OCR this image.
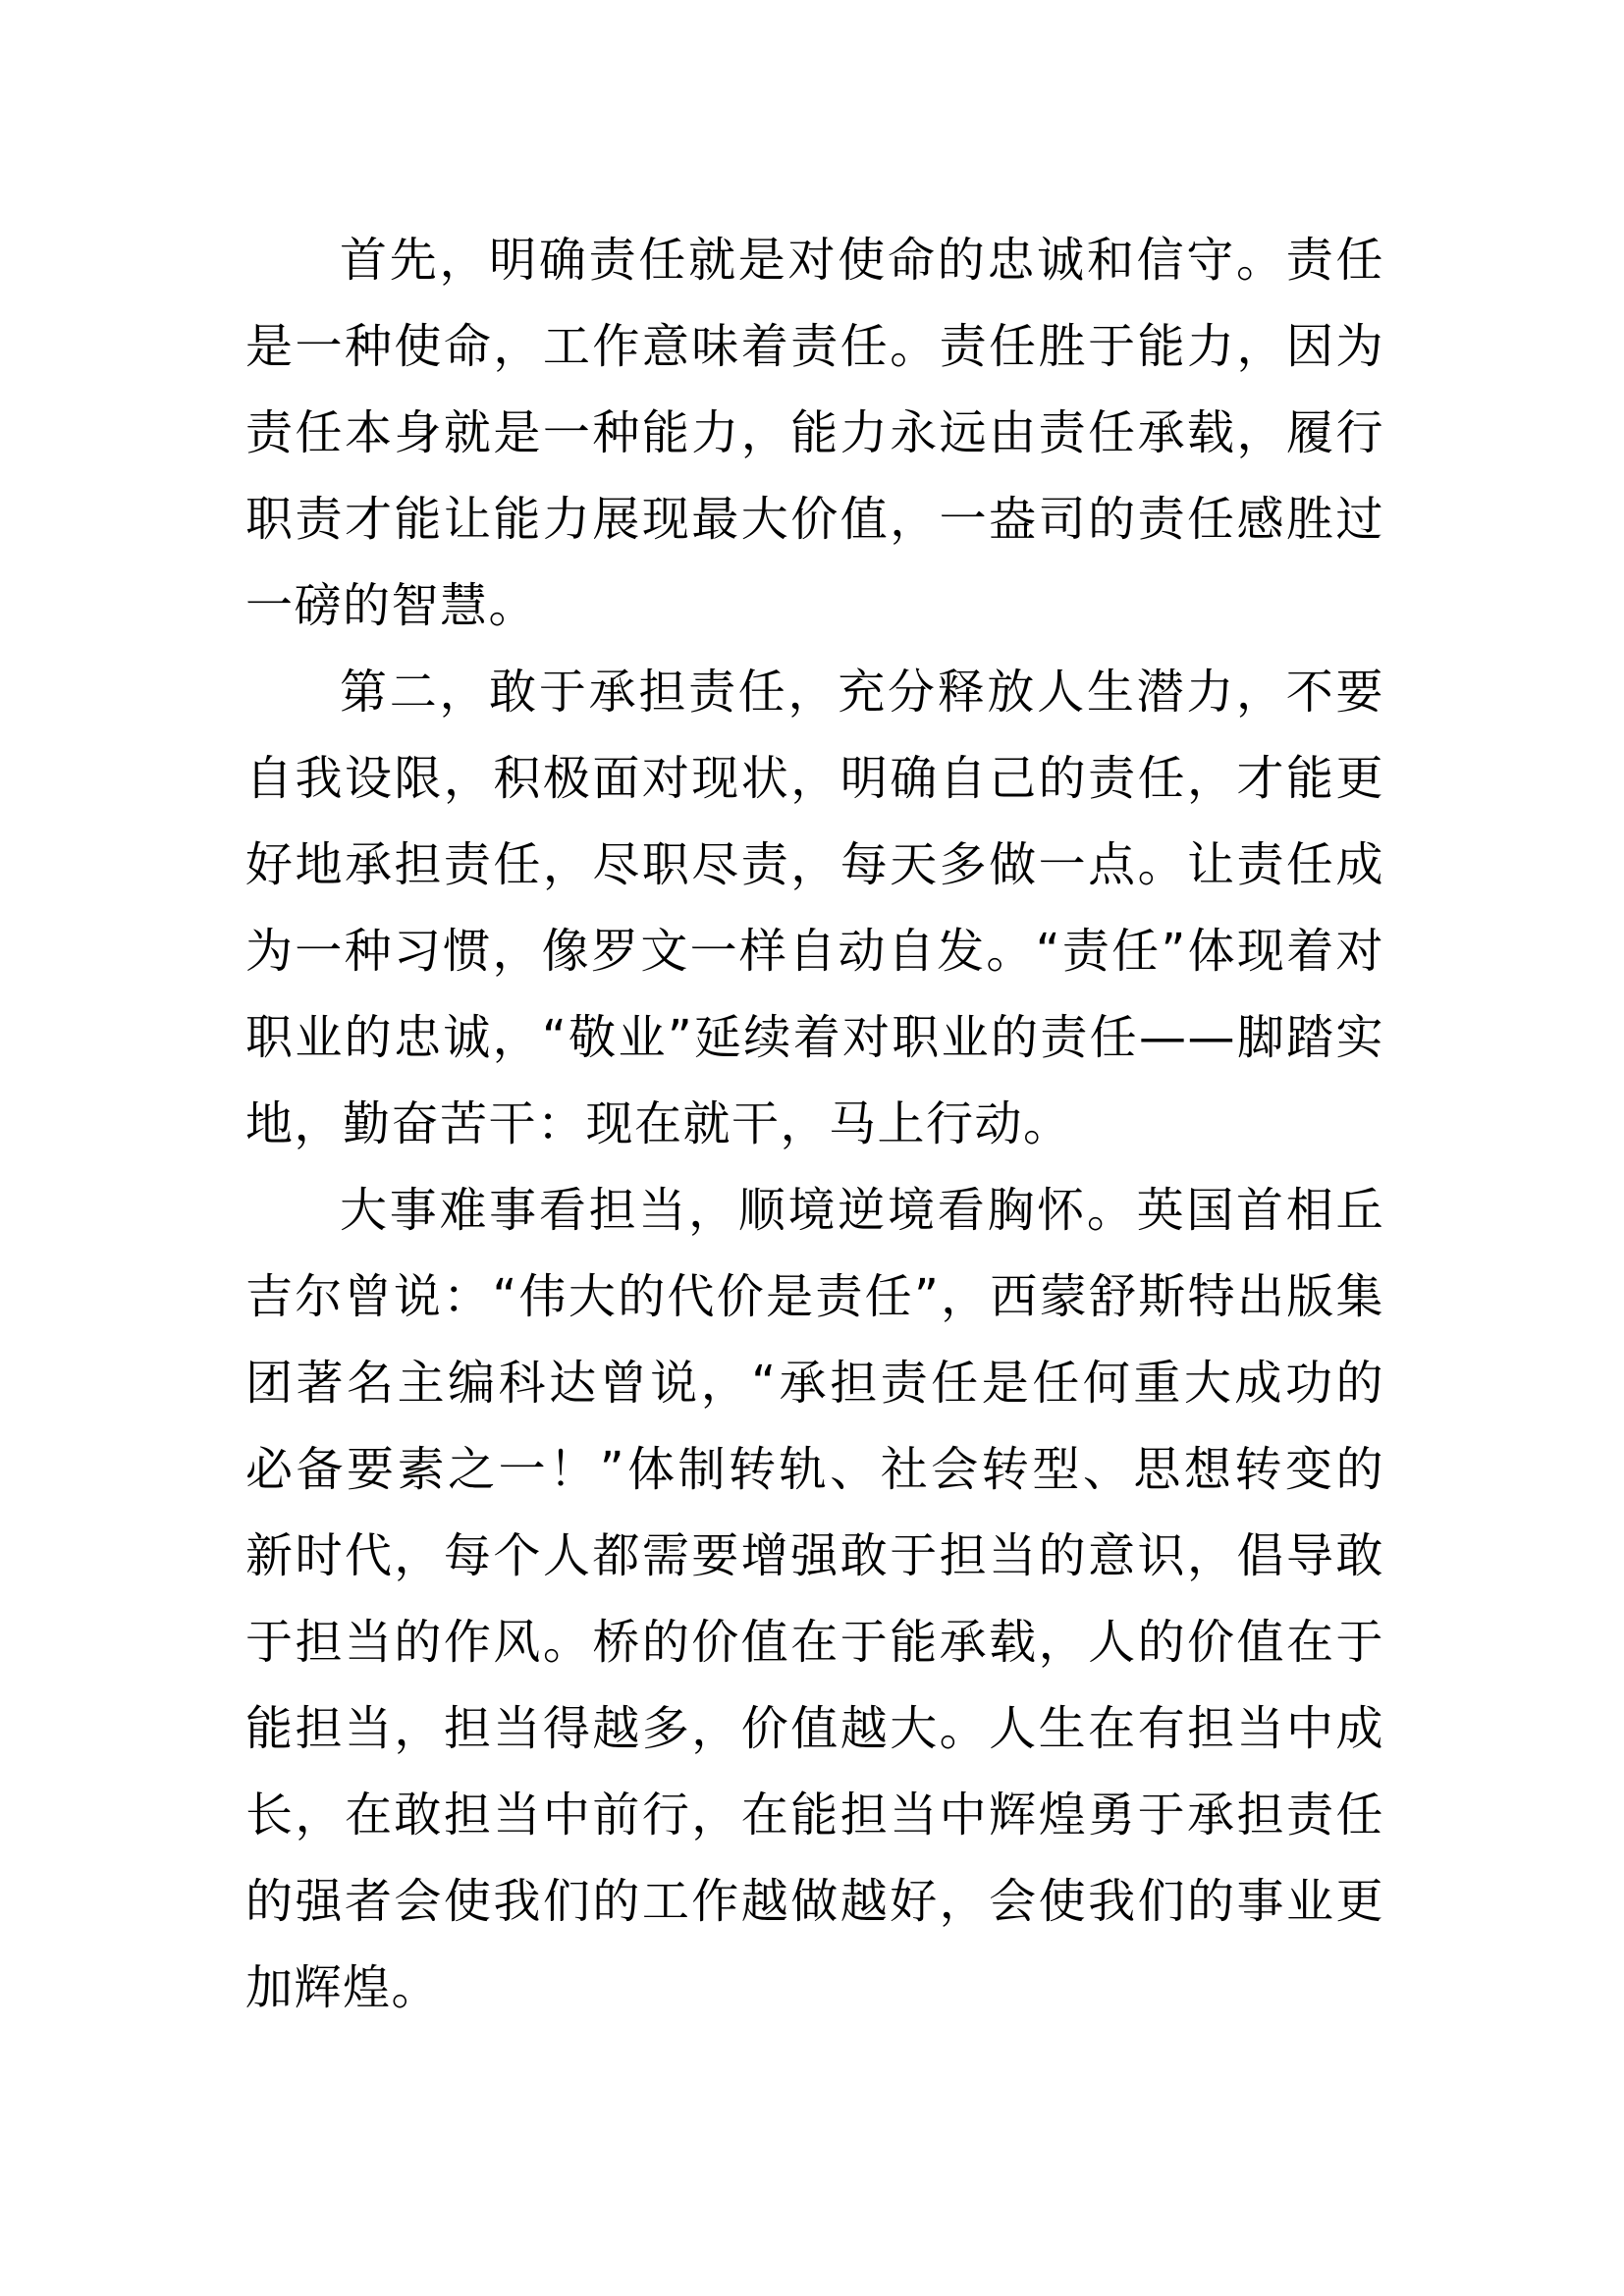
首先，明确责任就是对使命的忠诚和信守。责任是一种使命，工作意味着责任。责任胜于能力，因为责任本身就是一种能力，能力永远由责任承载，履行职责才能让能力展现最大价值，一盎司的责任感胜过一磅的智慧。

第二，敢于承担责任，充分释放人生潜力，不要自我设限，积极面对现状，明确自己的责任，才能更好地承担责任，尽职尽责，每天多做一点。让责任成为一种习惯，像罗文一样自动自发。“责任”体现着对职业的忠诚，“敬业”延续着对职业的责任——脚踏实地，勤奋苦干：现在就干，马上行动。

大事难事看担当，顺境逆境看胸怀。英国首相丘吉尔曾说：“伟大的代价是责任”，西蒙舒斯特出版集团著名主编科达曾说，“承担责任是任何重大成功的必备要素之一！”体制转轨、社会转型、思想转变的新时代，每个人都需要增强敢于担当的意识，倡导敢于担当的作风。桥的价值在于能承载，人的价值在于能担当，担当得越多，价值越大。人生在有担当中成长，在敢担当中前行，在能担当中辉煌勇于承担责任的强者会使我们的工作越做越好，会使我们的事业更加辉煌。
